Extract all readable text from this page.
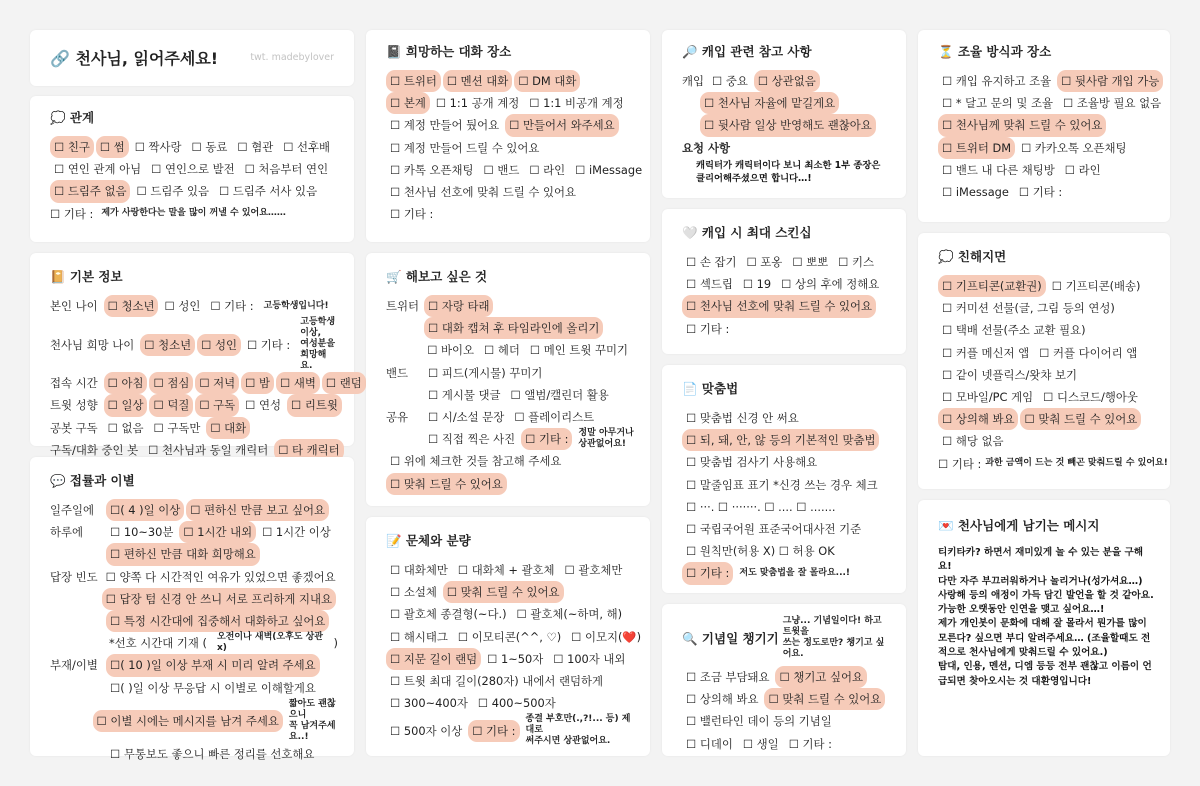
🔗 천사님, 읽어주세요!	twt. madebylover
💭 관계
☐ 친구 ☐ 썸 ☐ 짝사랑 ☐ 동료 ☐ 혐관 ☐ 선후배
☐ 연인 관계 아님 ☐ 연인으로 발전 ☐ 처음부터 연인
☐ 드림주 없음 ☐ 드림주 있음 ☐ 드림주 서사 있음
☐ 기타 : 제가 사랑한다는 말을 많이 꺼낼 수 있어요……
📔 기본 정보
본인 나이 ☐ 청소년 ☐ 성인 ☐ 기타 :	고등학생입니다!
천사님 희망 나이 ☐ 청소년 ☐ 성인 ☐ 기타 :
고등학생 이상,
여성분을 희망해요.
접속 시간 ☐ 아침 ☐ 점심 ☐ 저녁 ☐ 밤 ☐ 새벽 ☐ 랜덤
트윗 성향 ☐ 일상 ☐ 덕질 ☐ 구독 ☐ 연성 ☐ 리트윗
공봇 구독 ☐ 없음 ☐ 구독만 ☐ 대화
구독/대화 중인 봇 ☐ 천사님과 동일 캐릭터 ☐ 타 캐릭터
💬 접률과 이별
일주일에	☐( 4 )일 이상 ☐ 편하신 만큼 보고 싶어요
하루에	☐ 10~30분 ☐ 1시간 내외 ☐ 1시간 이상
☐ 편하신 만큼 대화 희망해요
답장 빈도 ☐ 양쪽 다 시간적인 여유가 있었으면 좋겠어요
☐ 답장 텀 신경 안 쓰니 서로 프리하게 지내요
☐ 특정 시간대에 집중해서 대화하고 싶어요
*선호 시간대 기재 (	오전이나 새벽(오후도 상관x)	)
부재/이별	☐( 10 )일 이상 부재 시 미리 알려 주세요
☐( )일 이상 무응답 시 이별로 이해할게요
☐ 이별 시에는 메시지를 남겨 주세요
짧아도 괜찮으니
꼭 남겨주세요..!
☐ 무통보도 좋으니 빠른 정리를 선호해요
📓 희망하는 대화 장소
☐ 트위터 ☐ 멘션 대화 ☐ DM 대화
☐ 본계 ☐ 1:1 공개 계정 ☐ 1:1 비공개 계정
☐ 계정 만들어 뒀어요 ☐ 만들어서 와주세요
☐ 계정 만들어 드릴 수 있어요
☐ 카톡 오픈채팅 ☐ 밴드 ☐ 라인 ☐ iMessage
☐ 천사님 선호에 맞춰 드릴 수 있어요
☐ 기타 :
🛒 해보고 싶은 것
트위터 ☐ 자랑 타래
☐ 대화 캡쳐 후 타임라인에 올리기
☐ 바이오 ☐ 헤더 ☐ 메인 트윗 꾸미기
밴드	☐ 피드(게시물) 꾸미기
☐ 게시물 댓글 ☐ 앨범/캘린더 활용
공유	☐ 시/소설 문장 ☐ 플레이리스트
☐ 직접 찍은 사진 ☐ 기타 :	정말 아무거나
상관없어요!
☐ 위에 체크한 것들 참고해 주세요
☐ 맞춰 드릴 수 있어요
📝 문체와 분량
☐ 대화체만 ☐ 대화체 + 괄호체 ☐ 괄호체만
☐ 소설체 ☐ 맞춰 드릴 수 있어요
☐ 괄호체 종결형(~다.) ☐ 괄호체(~하며, 해)
☐ 해시태그 ☐ 이모티콘(^^, ♡) ☐ 이모지(❤️)
☐ 지문 길이 랜덤 ☐ 1~50자 ☐ 100자 내외
☐ 트윗 최대 길이(280자) 내에서 랜덤하게
☐ 300~400자 ☐ 400~500자
☐ 500자 이상 ☐ 기타 :
종결 부호만(.,?!... 등) 제대로
써주시면 상관없어요.
🔎 캐입 관련 참고 사항
캐입 ☐ 중요 ☐ 상관없음
☐ 천사님 자율에 맡길게요
☐ 뒷사람 일상 반영해도 괜찮아요
요청 사항
캐릭터가 캐릭터이다 보니 최소한 1부 종장은
클리어해주셨으면 합니다…!
🤍 캐입 시 최대 스킨십
☐ 손 잡기 ☐ 포옹 ☐ 뽀뽀 ☐ 키스
☐ 섹드립 ☐ 19 ☐ 상의 후에 정해요
☐ 천사님 선호에 맞춰 드릴 수 있어요
☐ 기타 :
📄 맞춤법
☐ 맞춤법 신경 안 써요
☐ 되, 돼, 안, 않 등의 기본적인 맞춤법
☐ 맞춤법 검사기 사용해요
☐ 말줄임표 표기 *신경 쓰는 경우 체크
☐ ···. ☐ ·······. ☐ .... ☐ .......
☐ 국립국어원 표준국어대사전 기준
☐ 원칙만(허용 X) ☐ 허용 OK
☐ 기타 :	저도 맞춤법을 잘 몰라요...!
🔍 기념일 챙기기
그냥... 기념일이다! 하고 트윗을
쓰는 정도로만? 챙기고 싶어요.
☐ 조금 부담돼요 ☐ 챙기고 싶어요
☐ 상의해 봐요 ☐ 맞춰 드릴 수 있어요
☐ 밸런타인 데이 등의 기념일
☐ 디데이 ☐ 생일 ☐ 기타 :
⏳ 조율 방식과 장소
☐ 캐입 유지하고 조율 ☐ 뒷사람 개입 가능
☐ * 달고 문의 및 조율 ☐ 조율방 필요 없음
☐ 천사님께 맞춰 드릴 수 있어요
☐ 트위터 DM ☐ 카카오톡 오픈채팅
☐ 밴드 내 다른 채팅방 ☐ 라인
☐ iMessage ☐ 기타 :
💭 친해지면
☐ 기프티콘(교환권) ☐ 기프티콘(배송)
☐ 커미션 선물(글, 그림 등의 연성)
☐ 택배 선물(주소 교환 필요)
☐ 커플 메신저 앱 ☐ 커플 다이어리 앱
☐ 같이 넷플릭스/왓챠 보기
☐ 모바일/PC 게임 ☐ 디스코드/행아웃
☐ 상의해 봐요 ☐ 맞춰 드릴 수 있어요
☐ 해당 없음
☐ 기타 : 과한 금액이 드는 것 빼곤 맞춰드릴 수 있어요!
💌 천사님에게 남기는 메시지
티키타카? 하면서 재미있게 놀 수 있는 분을 구해요!
다만 자주 부끄러워하거나 놀리거나(성가셔요…)
사랑해 등의 애정이 가득 담긴 발언을 할 것 같아요.
가능한 오랫동안 인연을 맺고 싶어요…!
제가 개인봇이 문화에 대해 잘 몰라서 뭔가를 많이
모른다? 싶으면 부디 알려주세요… (조율할때도 전
적으로 천사님에게 맞춰드릴 수 있어요.)
탐대, 인용, 멘션, 디엠 등등 전부 괜찮고 이름이 언
급되면 찾아오시는 것 대환영입니다!
